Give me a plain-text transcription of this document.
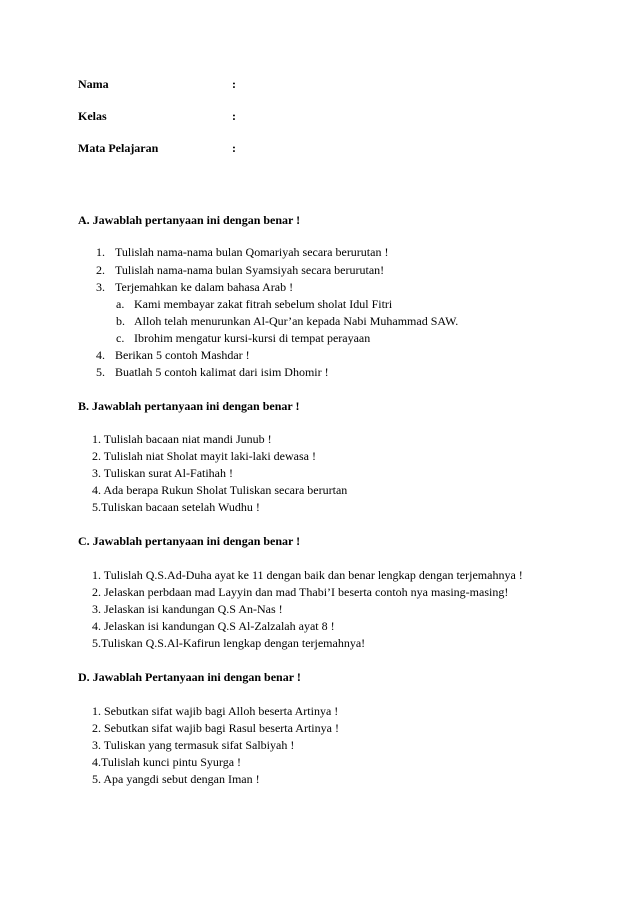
Nama	:
Kelas	:
Mata Pelajaran	:
A. Jawablah pertanyaan ini dengan benar !
1. Tulislah nama-nama bulan Qomariyah secara berurutan !
2. Tulislah nama-nama bulan Syamsiyah secara berurutan!
3. Terjemahkan ke dalam bahasa Arab !
a. Kami membayar zakat fitrah sebelum sholat Idul Fitri
b. Alloh telah menurunkan Al-Qur’an kepada Nabi Muhammad SAW.
c. Ibrohim mengatur kursi-kursi di tempat perayaan
4. Berikan 5 contoh Mashdar !
5. Buatlah 5 contoh kalimat dari isim Dhomir !
B. Jawablah pertanyaan ini dengan benar !
1. Tulislah bacaan niat mandi Junub !
2. Tulislah niat Sholat mayit laki-laki dewasa !
3. Tuliskan surat Al-Fatihah !
4. Ada berapa Rukun Sholat Tuliskan secara berurtan
5.Tuliskan bacaan setelah Wudhu !
C. Jawablah pertanyaan ini dengan benar !
1. Tulislah Q.S.Ad-Duha ayat ke 11 dengan baik dan benar lengkap dengan terjemahnya !
2. Jelaskan perbdaan mad Layyin dan mad Thabi’I beserta contoh nya masing-masing!
3. Jelaskan isi kandungan Q.S An-Nas !
4. Jelaskan isi kandungan Q.S Al-Zalzalah ayat 8 !
5.Tuliskan Q.S.Al-Kafirun lengkap dengan terjemahnya!
D. Jawablah Pertanyaan ini dengan benar !
1. Sebutkan sifat wajib bagi Alloh beserta Artinya !
2. Sebutkan sifat wajib bagi Rasul beserta Artinya !
3. Tuliskan yang termasuk sifat Salbiyah !
4.Tulislah kunci pintu Syurga !
5. Apa yangdi sebut dengan Iman !
